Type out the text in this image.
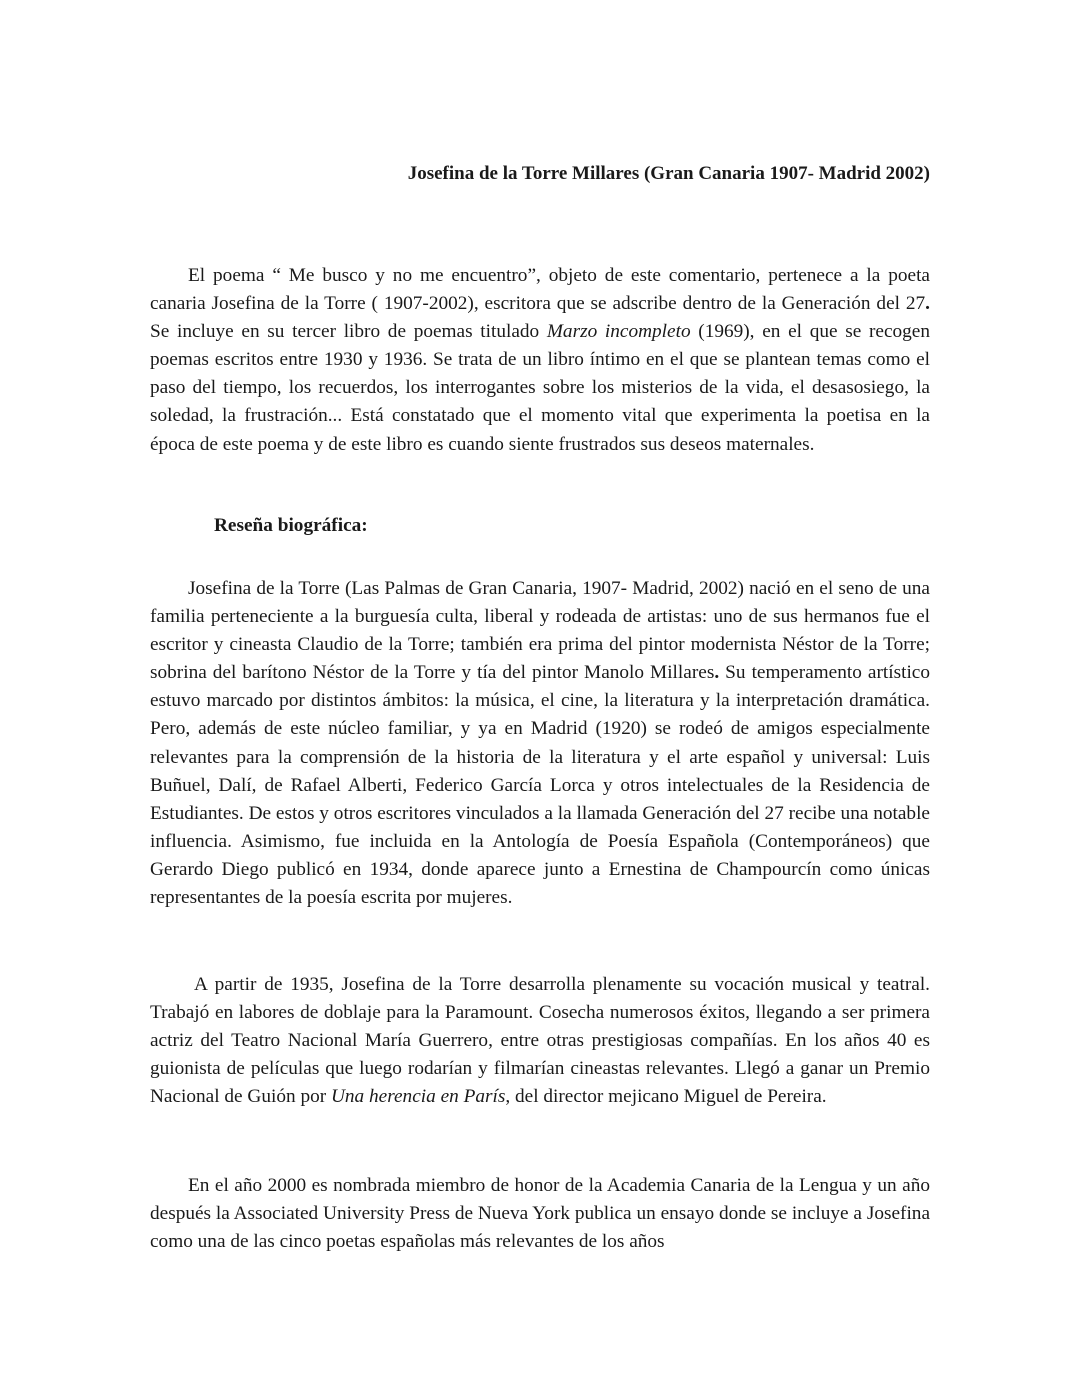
Josefina de la Torre Millares (Gran Canaria 1907- Madrid 2002)

El poema “ Me busco y no me encuentro”, objeto de este comentario, pertenece a la poeta canaria Josefina de la Torre ( 1907-2002), escritora que se adscribe dentro de la Generación del 27. Se incluye en su tercer libro de poemas titulado Marzo incompleto (1969), en el que se recogen poemas escritos entre 1930 y 1936. Se trata de un libro íntimo en el que se plantean temas como el paso del tiempo, los recuerdos, los interrogantes sobre los misterios de la vida, el desasosiego, la soledad, la frustración... Está constatado que el momento vital que experimenta la poetisa en la época de este poema y de este libro es cuando siente frustrados sus deseos maternales.

Reseña biográfica:

Josefina de la Torre (Las Palmas de Gran Canaria, 1907- Madrid, 2002) nació en el seno de una familia perteneciente a la burguesía culta, liberal y rodeada de artistas: uno de sus hermanos fue el escritor y cineasta Claudio de la Torre; también era prima del pintor modernista Néstor de la Torre; sobrina del barítono Néstor de la Torre y tía del pintor Manolo Millares. Su temperamento artístico estuvo marcado por distintos ámbitos: la música, el cine, la literatura y la interpretación dramática. Pero, además de este núcleo familiar, y ya en Madrid (1920) se rodeó de amigos especialmente relevantes para la comprensión de la historia de la literatura y el arte español y universal: Luis Buñuel, Dalí, de Rafael Alberti, Federico García Lorca y otros intelectuales de la Residencia de Estudiantes. De estos y otros escritores vinculados a la llamada Generación del 27 recibe una notable influencia. Asimismo, fue incluida en la Antología de Poesía Española (Contemporáneos) que Gerardo Diego publicó en 1934, donde aparece junto a Ernestina de Champourcín como únicas representantes de la poesía escrita por mujeres.

A partir de 1935, Josefina de la Torre desarrolla plenamente su vocación musical y teatral. Trabajó en labores de doblaje para la Paramount. Cosecha numerosos éxitos, llegando a ser primera actriz del Teatro Nacional María Guerrero, entre otras prestigiosas compañías. En los años 40 es guionista de películas que luego rodarían y filmarían cineastas relevantes. Llegó a ganar un Premio Nacional de Guión por Una herencia en París, del director mejicano Miguel de Pereira.

En el año 2000 es nombrada miembro de honor de la Academia Canaria de la Lengua y un año después la Associated University Press de Nueva York publica un ensayo donde se incluye a Josefina como una de las cinco poetas españolas más relevantes de los años
